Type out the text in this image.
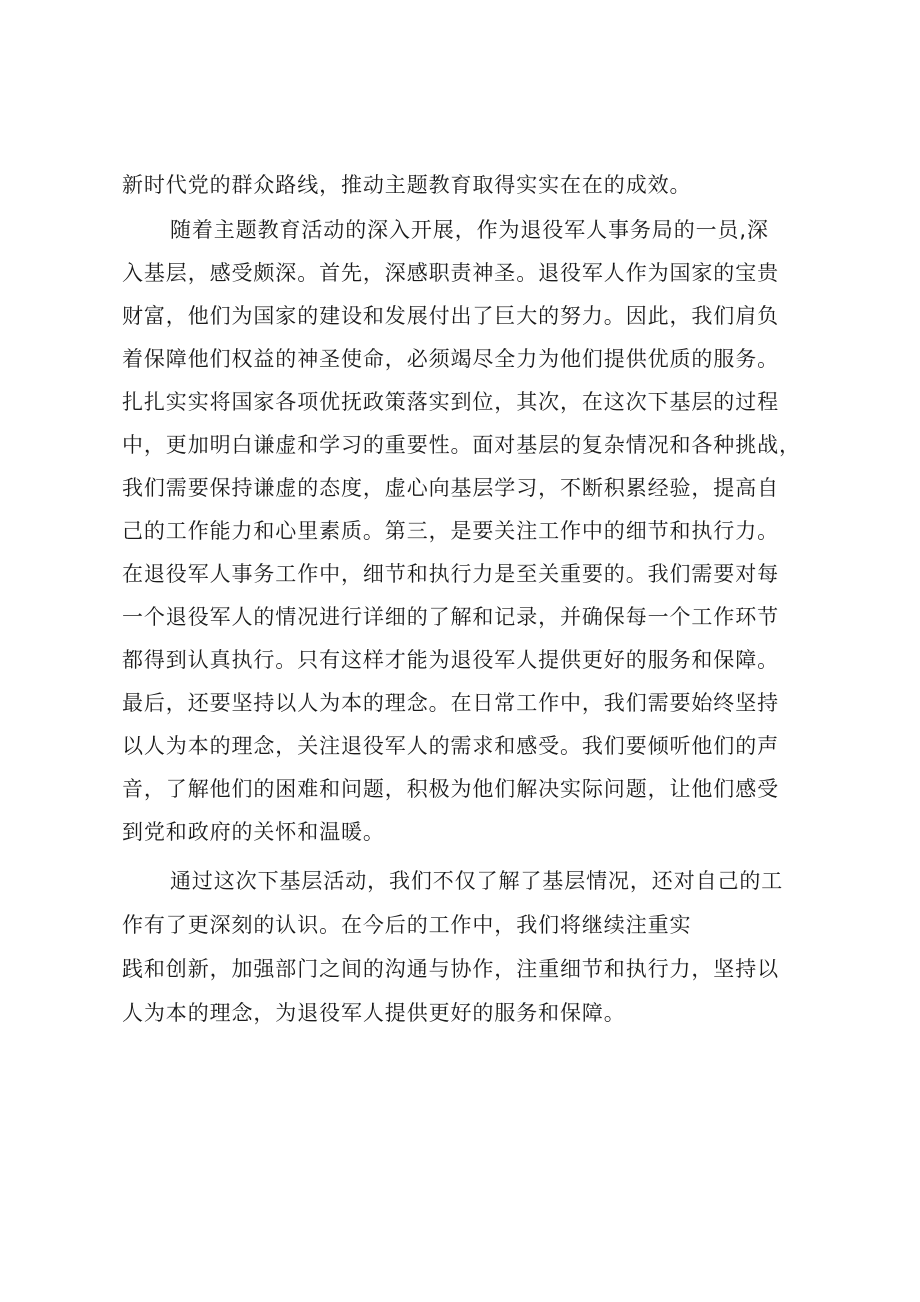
新时代党的群众路线，推动主题教育取得实实在在的成效。
随着主题教育活动的深入开展，作为退役军人事务局的一员,深
入基层，感受颇深。首先，深感职责神圣。退役军人作为国家的宝贵
财富，他们为国家的建设和发展付出了巨大的努力。因此，我们肩负
着保障他们权益的神圣使命，必须竭尽全力为他们提供优质的服务。
扎扎实实将国家各项优抚政策落实到位，其次，在这次下基层的过程
中，更加明白谦虚和学习的重要性。面对基层的复杂情况和各种挑战，
我们需要保持谦虚的态度，虚心向基层学习，不断积累经验，提高自
己的工作能力和心里素质。第三，是要关注工作中的细节和执行力。
在退役军人事务工作中，细节和执行力是至关重要的。我们需要对每
一个退役军人的情况进行详细的了解和记录，并确保每一个工作环节
都得到认真执行。只有这样才能为退役军人提供更好的服务和保障。
最后，还要坚持以人为本的理念。在日常工作中，我们需要始终坚持
以人为本的理念，关注退役军人的需求和感受。我们要倾听他们的声
音，了解他们的困难和问题，积极为他们解决实际问题，让他们感受
到党和政府的关怀和温暖。
通过这次下基层活动，我们不仅了解了基层情况，还对自己的工
作有了更深刻的认识。在今后的工作中，我们将继续注重实
践和创新，加强部门之间的沟通与协作，注重细节和执行力，坚持以
人为本的理念，为退役军人提供更好的服务和保障。
